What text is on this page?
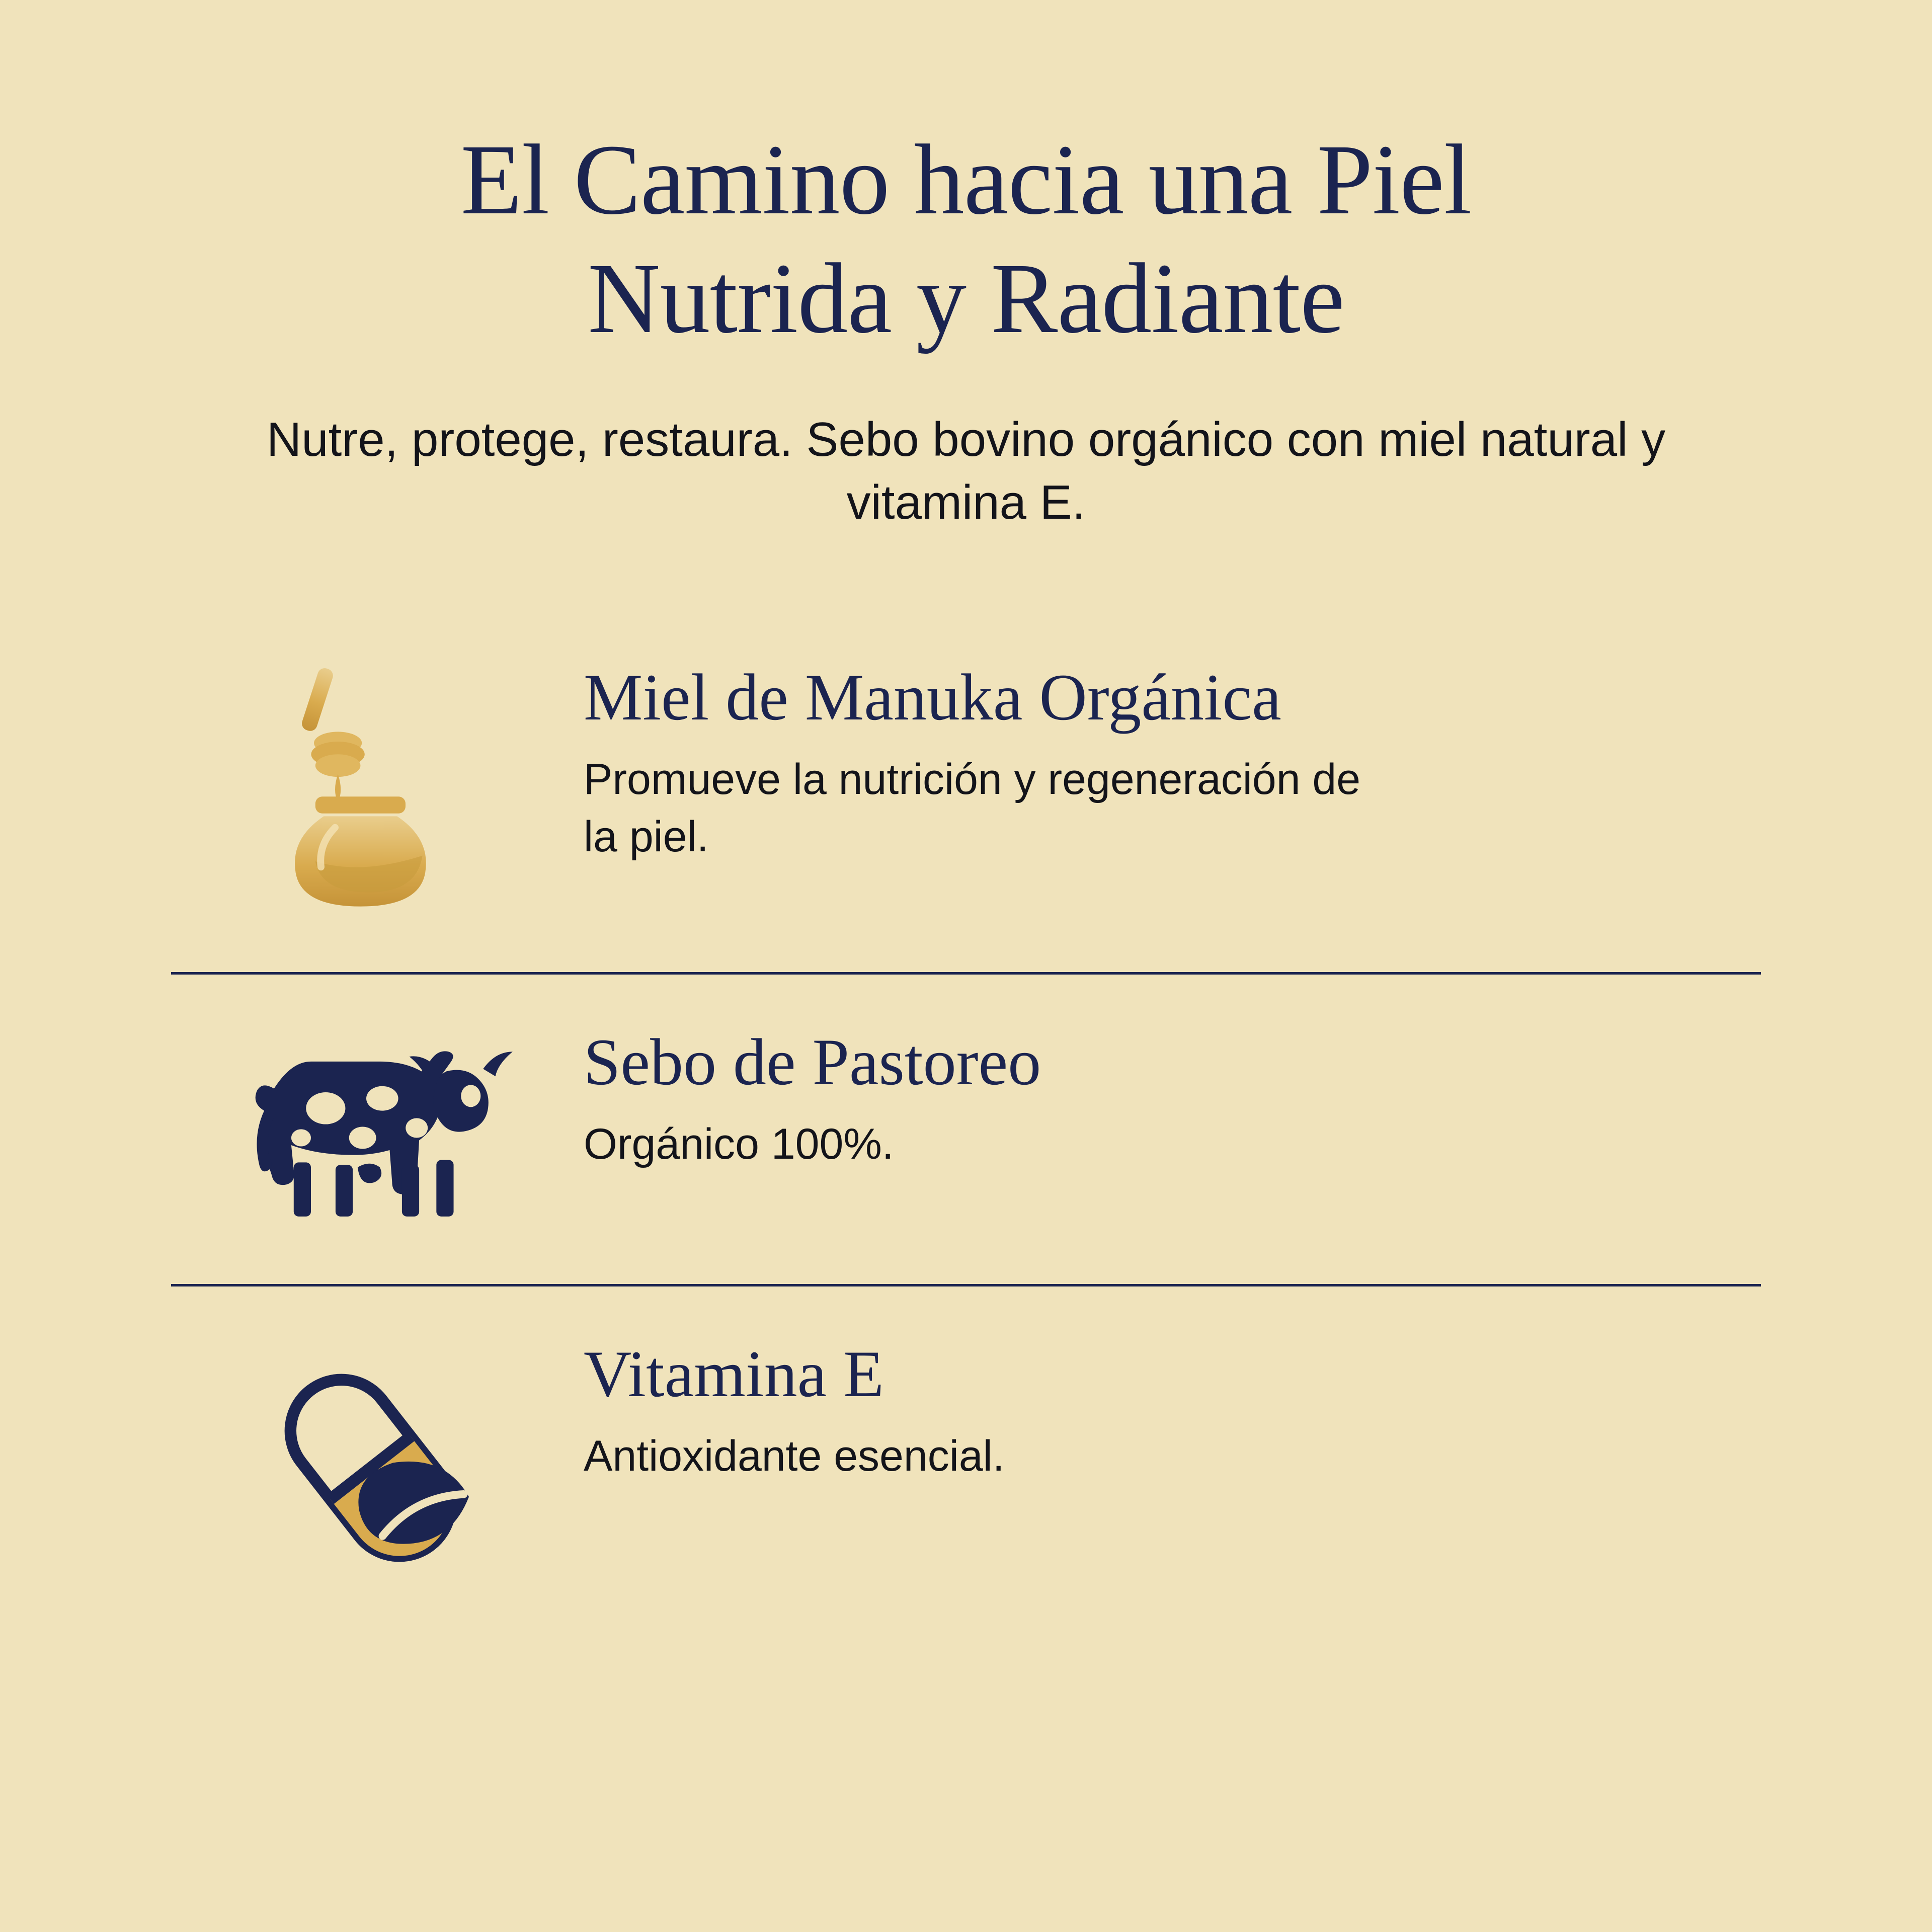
El Camino hacia una Piel Nutrida y Radiante

Nutre, protege, restaura. Sebo bovino orgánico con miel natural y vitamina E.

Miel de Manuka Orgánica

Promueve la nutrición y regeneración de la piel.

Sebo de Pastoreo

Orgánico 100%.

Vitamina E

Antioxidante esencial.
